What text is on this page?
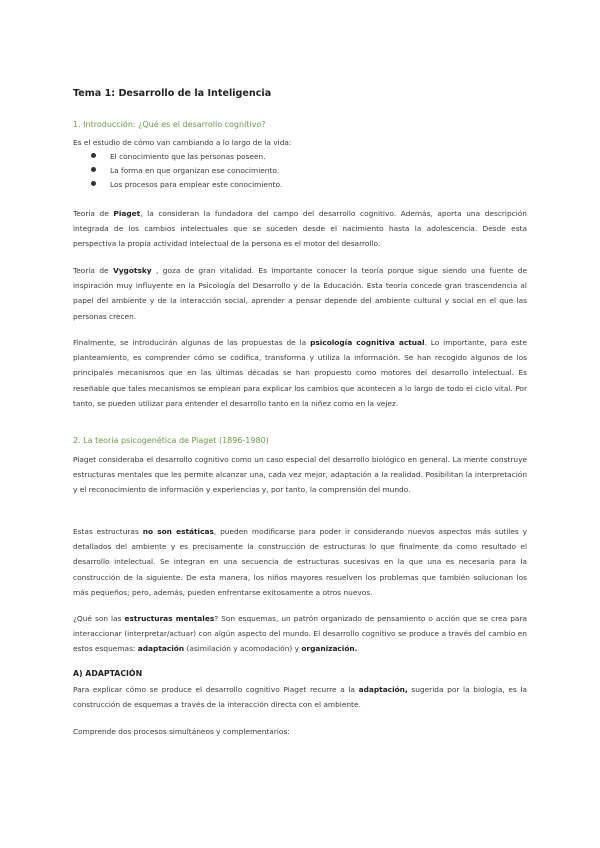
Tema 1: Desarrollo de la Inteligencia
1. Introducción: ¿Qué es el desarrollo cognitivo?
Es el estudio de cómo van cambiando a lo largo de la vida:
El conocimiento que las personas poseen.
La forma en que organizan ese conocimiento.
Los procesos para emplear este conocimiento.
Teoría de Piaget, la consideran la fundadora del campo del desarrollo cognitivo. Además, aporta una descripción integrada de los cambios intelectuales que se suceden desde el nacimiento hasta la adolescencia. Desde esta perspectiva la propia actividad intelectual de la persona es el motor del desarrollo.
Teoría de Vygotsky , goza de gran vitalidad. Es importante conocer la teoría porque sigue siendo una fuente de inspiración muy influyente en la Psicología del Desarrollo y de la Educación. Esta teoría concede gran trascendencia al papel del ambiente y de la interacción social, aprender a pensar depende del ambiente cultural y social en el que las personas crecen.
Finalmente, se introducirán algunas de las propuestas de la psicología cognitiva actual. Lo importante, para este planteamiento, es comprender cómo se codifica, transforma y utiliza la información. Se han recogido algunos de los principales mecanismos que en las últimas décadas se han propuesto como motores del desarrollo intelectual. Es reseñable que tales mecanismos se emplean para explicar los cambios que acontecen a lo largo de todo el ciclo vital. Por tanto, se pueden utilizar para entender el desarrollo tanto en la niñez como en la vejez.
2. La teoría psicogenética de Piaget (1896-1980)
Piaget consideraba el desarrollo cognitivo como un caso especial del desarrollo biológico en general. La mente construye estructuras mentales que les permite alcanzar una, cada vez mejor, adaptación a la realidad. Posibilitan la interpretación y el reconocimiento de información y experiencias y, por tanto, la comprensión del mundo.
Estas estructuras no son estáticas, pueden modificarse para poder ir considerando nuevos aspectos más sutiles y detallados del ambiente y es precisamente la construcción de estructuras lo que finalmente da como resultado el desarrollo intelectual. Se integran en una secuencia de estructuras sucesivas en la que una es necesaria para la construcción de la siguiente. De esta manera, los niños mayores resuelven los problemas que también solucionan los más pequeños; pero, además, pueden enfrentarse exitosamente a otros nuevos.
¿Qué son las estructuras mentales? Son esquemas, un patrón organizado de pensamiento o acción que se crea para interaccionar (interpretar/actuar) con algún aspecto del mundo. El desarrollo cognitivo se produce a través del cambio en estos esquemas: adaptación (asimilación y acomodación) y organización.
A) ADAPTACIÓN
Para explicar cómo se produce el desarrollo cognitivo Piaget recurre a la adaptación, sugerida por la biología, es la construcción de esquemas a través de la interacción directa con el ambiente.
Comprende dos procesos simultáneos y complementarios:
